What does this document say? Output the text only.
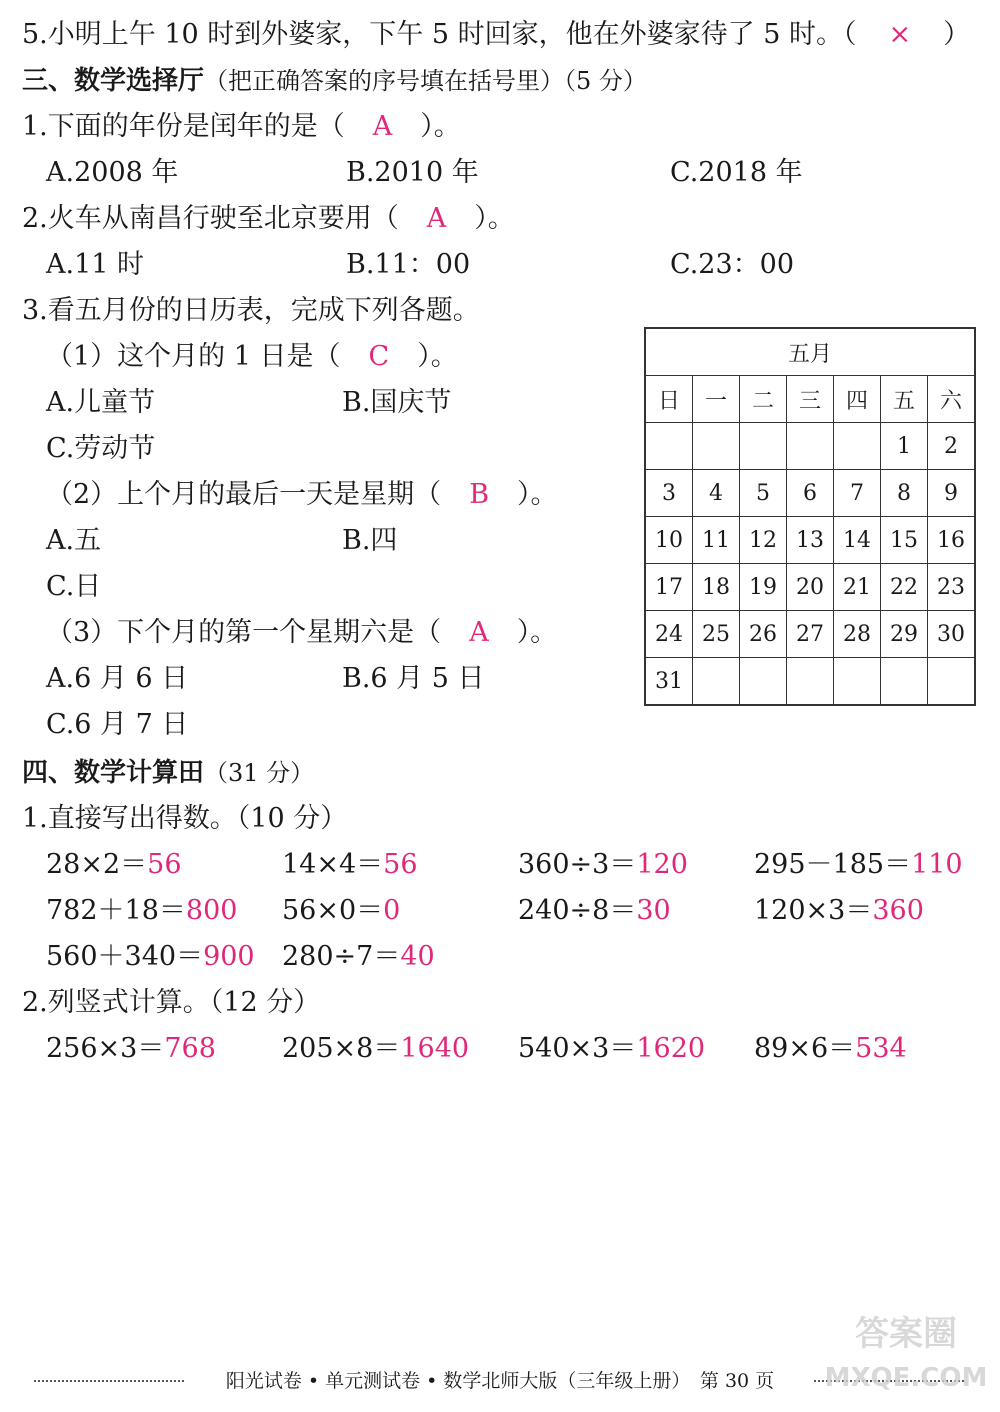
5.小明上午 10 时到外婆家，下午 5 时回家，他在外婆家待了 5 时。（ × ）
三、数学选择厅（把正确答案的序号填在括号里）（5 分）
1.下面的年份是闰年的是（ A ）。
A.2008 年	B.2010 年	C.2018 年
2.火车从南昌行驶至北京要用（ A ）。
A.11 时	B.11：00	C.23：00
3.看五月份的日历表，完成下列各题。
（1）这个月的 1 日是（ C ）。
A.儿童节	B.国庆节
C.劳动节
（2）上个月的最后一天是星期（ B ）。
A.五	B.四
C.日
（3）下个月的第一个星期六是（ A ）。
A.6 月 6 日	B.6 月 5 日
C.6 月 7 日
五月						
日	一	二	三	四	五	六
					1	2
3	4	5	6	7	8	9
10	11	12	13	14	15	16
17	18	19	20	21	22	23
24	25	26	27	28	29	30
31						
四、数学计算田（31 分）
1.直接写出得数。（10 分）
28×2＝56	14×4＝56	360÷3＝120 295－185＝110
782＋18＝800 56×0＝0	240÷8＝30	120×3＝360
560＋340＝900 280÷7＝40
2.列竖式计算。（12 分）
256×3＝768 205×8＝1640 540×3＝1620 89×6＝534
阳光试卷 • 单元测试卷 • 数学北师大版（三年级上册）　第 30 页
答案圈
MXQE.COM
